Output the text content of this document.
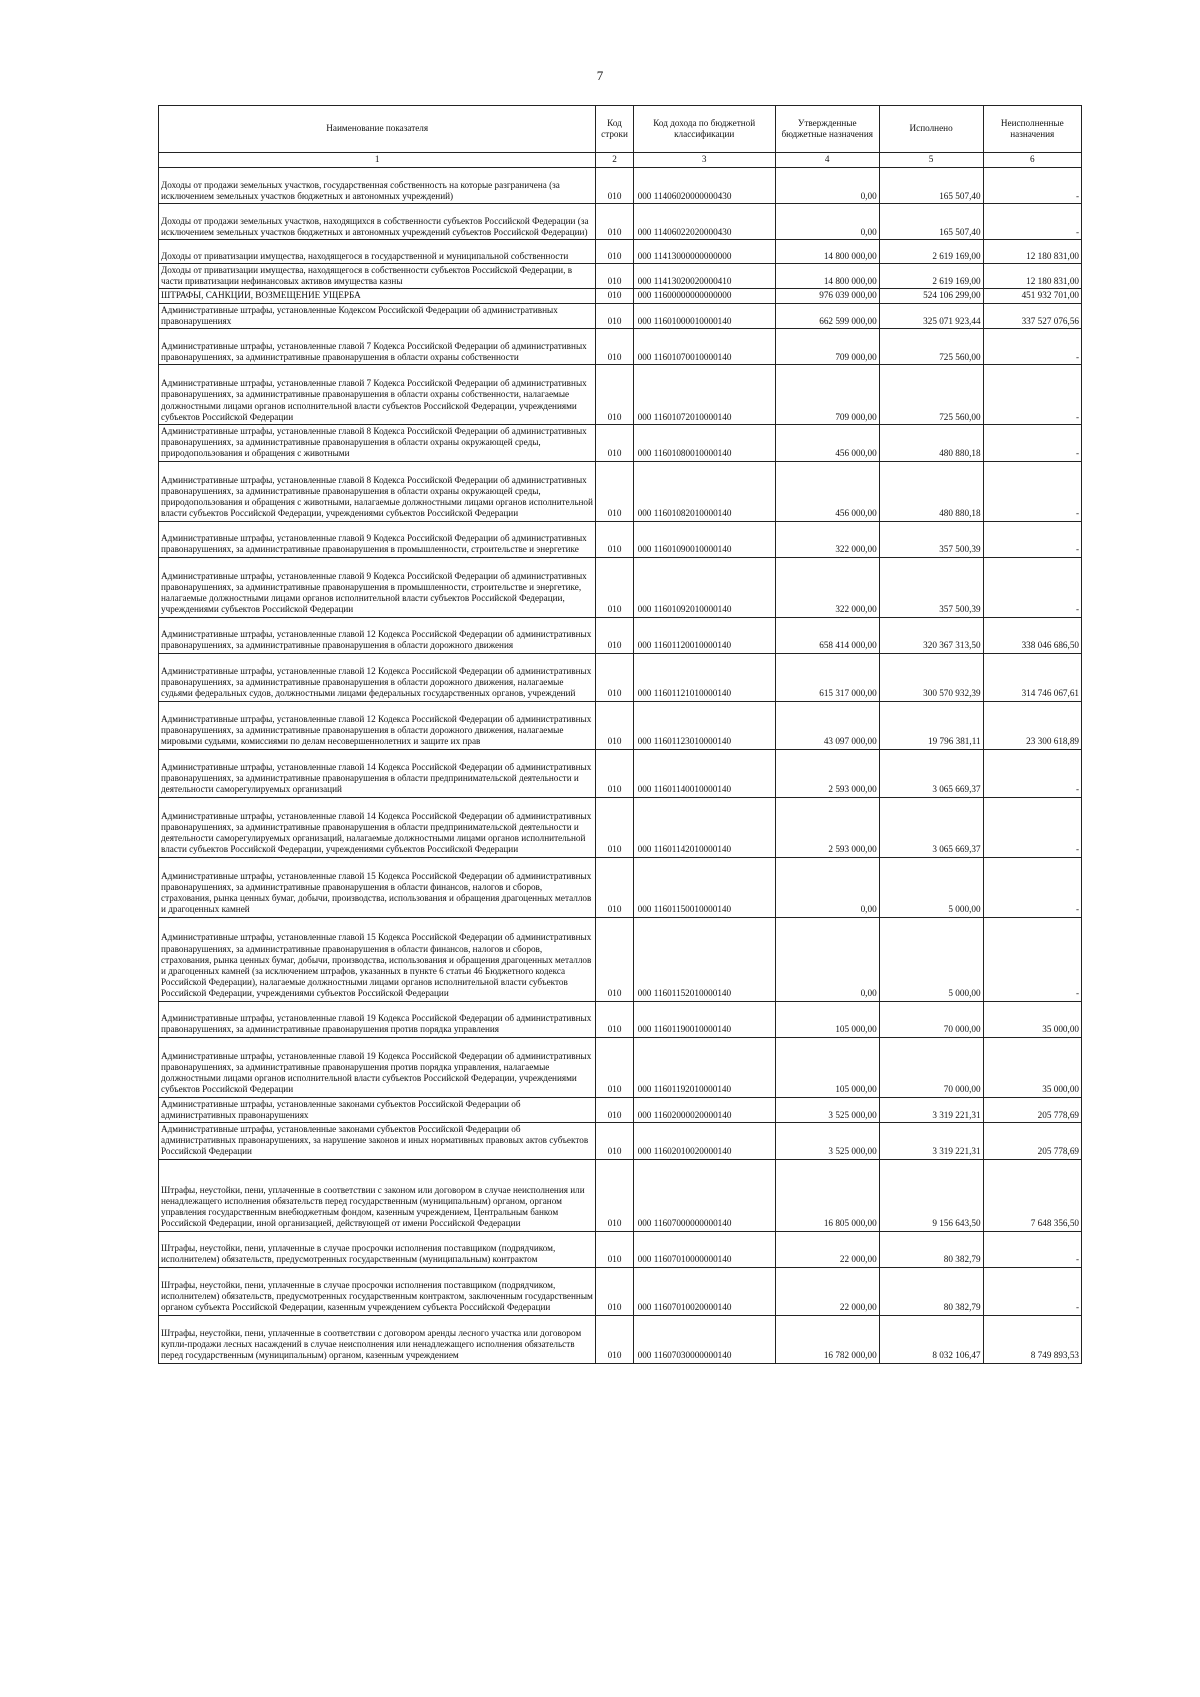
7
Наименование показателя	Код строки	Код дохода по бюджетной классификации	Утвержденные бюджетные назначения	Исполнено	Неисполненные назначения
1	2	3	4	5	6
Доходы от продажи земельных участков, государственная собственность на которые разграничена (за исключением земельных участков бюджетных и автономных учреждений)	010	000 11406020000000430	0,00	165 507,40	-
Доходы от продажи земельных участков, находящихся в собственности субъектов Российской Федерации (за исключением земельных участков бюджетных и автономных учреждений субъектов Российской Федерации)	010	000 11406022020000430	0,00	165 507,40	-
Доходы от приватизации имущества, находящегося в государственной и муниципальной собственности	010	000 11413000000000000	14 800 000,00	2 619 169,00	12 180 831,00
Доходы от приватизации имущества, находящегося в собственности субъектов Российской Федерации, в части приватизации нефинансовых активов имущества казны	010	000 11413020020000410	14 800 000,00	2 619 169,00	12 180 831,00
ШТРАФЫ, САНКЦИИ, ВОЗМЕЩЕНИЕ УЩЕРБА	010	000 11600000000000000	976 039 000,00	524 106 299,00	451 932 701,00
Административные штрафы, установленные Кодексом Российской Федерации об административных правонарушениях	010	000 11601000010000140	662 599 000,00	325 071 923,44	337 527 076,56
Административные штрафы, установленные главой 7 Кодекса Российской Федерации об административных правонарушениях, за административные правонарушения в области охраны собственности	010	000 11601070010000140	709 000,00	725 560,00	-
Административные штрафы, установленные главой 7 Кодекса Российской Федерации об административных правонарушениях, за административные правонарушения в области охраны собственности, налагаемые должностными лицами органов исполнительной власти субъектов Российской Федерации, учреждениями субъектов Российской Федерации	010	000 11601072010000140	709 000,00	725 560,00	-
Административные штрафы, установленные главой 8 Кодекса Российской Федерации об административных правонарушениях, за административные правонарушения в области охраны окружающей среды, природопользования и обращения с животными	010	000 11601080010000140	456 000,00	480 880,18	-
Административные штрафы, установленные главой 8 Кодекса Российской Федерации об административных правонарушениях, за административные правонарушения в области охраны окружающей среды, природопользования и обращения с животными, налагаемые должностными лицами органов исполнительной власти субъектов Российской Федерации, учреждениями субъектов Российской Федерации	010	000 11601082010000140	456 000,00	480 880,18	-
Административные штрафы, установленные главой 9 Кодекса Российской Федерации об административных правонарушениях, за административные правонарушения в промышленности, строительстве и энергетике	010	000 11601090010000140	322 000,00	357 500,39	-
Административные штрафы, установленные главой 9 Кодекса Российской Федерации об административных правонарушениях, за административные правонарушения в промышленности, строительстве и энергетике, налагаемые должностными лицами органов исполнительной власти субъектов Российской Федерации, учреждениями субъектов Российской Федерации	010	000 11601092010000140	322 000,00	357 500,39	-
Административные штрафы, установленные главой 12 Кодекса Российской Федерации об административных правонарушениях, за административные правонарушения в области дорожного движения	010	000 11601120010000140	658 414 000,00	320 367 313,50	338 046 686,50
Административные штрафы, установленные главой 12 Кодекса Российской Федерации об административных правонарушениях, за административные правонарушения в области дорожного движения, налагаемые судьями федеральных судов, должностными лицами федеральных государственных органов, учреждений	010	000 11601121010000140	615 317 000,00	300 570 932,39	314 746 067,61
Административные штрафы, установленные главой 12 Кодекса Российской Федерации об административных правонарушениях, за административные правонарушения в области дорожного движения, налагаемые мировыми судьями, комиссиями по делам несовершеннолетних и защите их прав	010	000 11601123010000140	43 097 000,00	19 796 381,11	23 300 618,89
Административные штрафы, установленные главой 14 Кодекса Российской Федерации об административных правонарушениях, за административные правонарушения в области предпринимательской деятельности и деятельности саморегулируемых организаций	010	000 11601140010000140	2 593 000,00	3 065 669,37	-
Административные штрафы, установленные главой 14 Кодекса Российской Федерации об административных правонарушениях, за административные правонарушения в области предпринимательской деятельности и деятельности саморегулируемых организаций, налагаемые должностными лицами органов исполнительной власти субъектов Российской Федерации, учреждениями субъектов Российской Федерации	010	000 11601142010000140	2 593 000,00	3 065 669,37	-
Административные штрафы, установленные главой 15 Кодекса Российской Федерации об административных правонарушениях, за административные правонарушения в области финансов, налогов и сборов, страхования, рынка ценных бумаг, добычи, производства, использования и обращения драгоценных металлов и драгоценных камней	010	000 11601150010000140	0,00	5 000,00	-
Административные штрафы, установленные главой 15 Кодекса Российской Федерации об административных правонарушениях, за административные правонарушения в области финансов, налогов и сборов, страхования, рынка ценных бумаг, добычи, производства, использования и обращения драгоценных металлов и драгоценных камней (за исключением штрафов, указанных в пункте 6 статьи 46 Бюджетного кодекса Российской Федерации), налагаемые должностными лицами органов исполнительной власти субъектов Российской Федерации, учреждениями субъектов Российской Федерации	010	000 11601152010000140	0,00	5 000,00	-
Административные штрафы, установленные главой 19 Кодекса Российской Федерации об административных правонарушениях, за административные правонарушения против порядка управления	010	000 11601190010000140	105 000,00	70 000,00	35 000,00
Административные штрафы, установленные главой 19 Кодекса Российской Федерации об административных правонарушениях, за административные правонарушения против порядка управления, налагаемые должностными лицами органов исполнительной власти субъектов Российской Федерации, учреждениями субъектов Российской Федерации	010	000 11601192010000140	105 000,00	70 000,00	35 000,00
Административные штрафы, установленные законами субъектов Российской Федерации об административных правонарушениях	010	000 11602000020000140	3 525 000,00	3 319 221,31	205 778,69
Административные штрафы, установленные законами субъектов Российской Федерации об административных правонарушениях, за нарушение законов и иных нормативных правовых актов субъектов Российской Федерации	010	000 11602010020000140	3 525 000,00	3 319 221,31	205 778,69
Штрафы, неустойки, пени, уплаченные в соответствии с законом или договором в случае неисполнения или ненадлежащего исполнения обязательств перед государственным (муниципальным) органом, органом управления государственным внебюджетным фондом, казенным учреждением, Центральным банком Российской Федерации, иной организацией, действующей от имени Российской Федерации	010	000 11607000000000140	16 805 000,00	9 156 643,50	7 648 356,50
Штрафы, неустойки, пени, уплаченные в случае просрочки исполнения поставщиком (подрядчиком, исполнителем) обязательств, предусмотренных государственным (муниципальным) контрактом	010	000 11607010000000140	22 000,00	80 382,79	-
Штрафы, неустойки, пени, уплаченные в случае просрочки исполнения поставщиком (подрядчиком, исполнителем) обязательств, предусмотренных государственным контрактом, заключенным государственным органом субъекта Российской Федерации, казенным учреждением субъекта Российской Федерации	010	000 11607010020000140	22 000,00	80 382,79	-
Штрафы, неустойки, пени, уплаченные в соответствии с договором аренды лесного участка или договором купли-продажи лесных насаждений в случае неисполнения или ненадлежащего исполнения обязательств перед государственным (муниципальным) органом, казенным учреждением	010	000 11607030000000140	16 782 000,00	8 032 106,47	8 749 893,53
